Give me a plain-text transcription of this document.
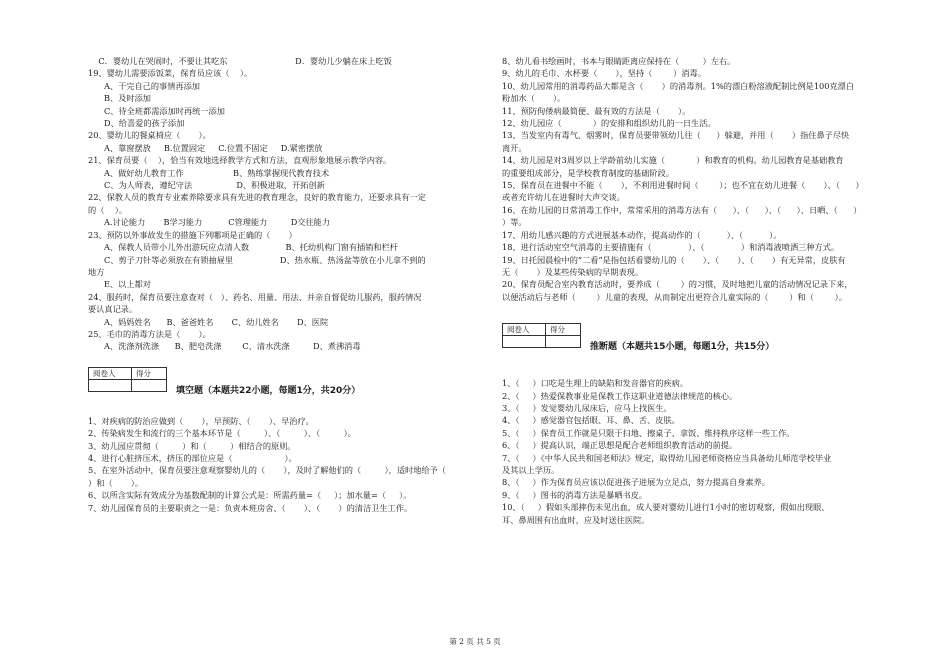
C．婴幼儿在哭闹时，不要让其吃东                          D．婴幼儿少躺在床上吃饭
19、婴幼儿需要添饭菜，保育员应该（    ）。
A、干完自己的事情再添加
B、及时添加
C、待全班都需添加时再统一添加
D、给喜爱的孩子添加
20、婴幼儿的餐桌椅应（       ）。
A、靠窗摆放     B.位置固定     C.位置不固定     D.紧密摆放
21、保育员要（    ），恰当有效地选择教学方式和方法，直观形象地展示教学内容。
A、做好幼儿教育工作                   B、熟练掌握现代教育技术
C、为人师表，遵纪守法                 D、积极进取，开拓创新
22、保教人员的教育专业素养除要求具有先进的教育理念，良好的教育能力，还要求具有一定
的（    ）。
A.讨论能力       B学习能力          C管理能力         D交往能力
23、预防以外事故发生的措施下列哪项是正确的（       ）
A、保教人员带小儿外出游玩应点清人数              B、托幼机构门窗有插销和栏杆
C、剪子刀针等必须放在有锁抽屉里                  D、热水瓶、热汤盆等放在小儿拿不到的
地方
E、以上都对
24、服药时，保育员要注意查对（   ）、药名、用量、用法、并亲自督促幼儿服药，服药情况
要认真记录。
A、妈妈姓名      B、爸爸姓名       C、幼儿姓名       D、医院
25、毛巾的消毒方法是（       ）。
A、洗涤剂洗涤      B、肥皂洗涤        C、清水洗涤         D、煮沸消毒
阅卷人	得分

填空题（本题共22小题，每题1分，共20分）
1、对疾病的防治应做到（       ），早预防、（       ）、早治疗。
2、传染病发生和流行的三个基本环节是（         ）、（         ）、（         ）。
3、幼儿园应贯彻（         ）和（         ）相结合的原则。
4、进行心脏挤压术，挤压的部位应是（                    ）。
5、在室外活动中，保育员要注意观察婴幼儿的（       ），及时了解他们的（         ），适时地给予（
）和（       ）。
6、以所含实际有效成分为基数配制的计算公式是：所需药量=（     ）；加水量=（     ）。
7、幼儿园保育员的主要职责之一是：负责本班房舍、（       ）、（       ）的清洁卫生工作。
8、幼儿看书绘画时，书本与眼睛距离应保持在（         ）左右。
9、幼儿的毛巾、水杯要（       ），坚持（        ）消毒。
10、幼儿园常用的消毒药品大都是含（       ）的消毒剂。1%的漂白粉溶液配制比例是100克漂白
粉加水（       ）。
11、预防佝偻病最简便、最有效的方法是（       ）。
12、幼儿园应（            ）的安排和组织幼儿的一日生活。
13、当发室内有毒气、烟雾时，保育员要带领幼儿往（      ）躲避，并用（       ）指住鼻子尽快
离开。
14、幼儿园是对3周岁以上学龄前幼儿实施（            ）和教育的机构。幼儿园教育是基础教育
的重要组成部分，是学校教育制度的基础阶段。
15、保育员在进餐中不能（       ），不利用进餐时间（        ）；也不宜在幼儿进餐（       ）、（      ）
或者充许幼儿在进餐时大声交谈。
16、在幼儿园的日常消毒工作中，常常采用的消毒方法有（      ）、（      ）、（      ）、日晒、（      ）
）等。
17、用幼儿感兴趣的方式进展基本动作，提高动作的（          ）、（          ）。
18、进行活动室空气消毒的主要措施有（              ）、（              ）和消毒液喷洒三种方式。
19、日托园晨检中的“二看”是指包括看婴幼儿的（       ）、（       ）、（       ）有无异常，皮肤有
无（       ）及某些传染病的早期表现。
20、保育员配合室内教育活动时，要养成（        ）的习惯，及时地把儿童的活动情况记录下来，
以便活动后与老师（        ）儿童的表现，从而制定出更符合儿童实际的（        ）和（        ）。
阅卷人	得分

推断题（本题共15小题，每题1分，共15分）
1、（     ）口吃是生理上的缺陷和发音器官的疾病。
2、（     ）热爱保教事业是保教工作这职业道德法律规范的核心。
3、（     ）发觉婴幼儿尿床后，应马上找医生。
4、（     ）感觉器官包括眼、耳、鼻、舌、皮肤。
5、（     ）保育员工作就是只限于扫地、擦桌子、拿饭、维持秩序这样一些工作。
6、（     ）提高认识，端正思想是配合老师组织教育活动的前提。
7、（     ）《中华人民共和国老师法》规定，取得幼儿园老师资格应当具备幼儿师范学校毕业
及其以上学历。
8、（     ）作为保育员应该以促进孩子进展为立足点，努力提高自身素养。
9、（     ）图书的消毒方法是暴晒书皮。
10、（     ）假如头部摔伤未见出血，成人要对婴幼儿进行1小时的密切观察，假如出现眼、
耳、鼻周围有出血时，应及时送往医院。
第 2 页 共 5 页
